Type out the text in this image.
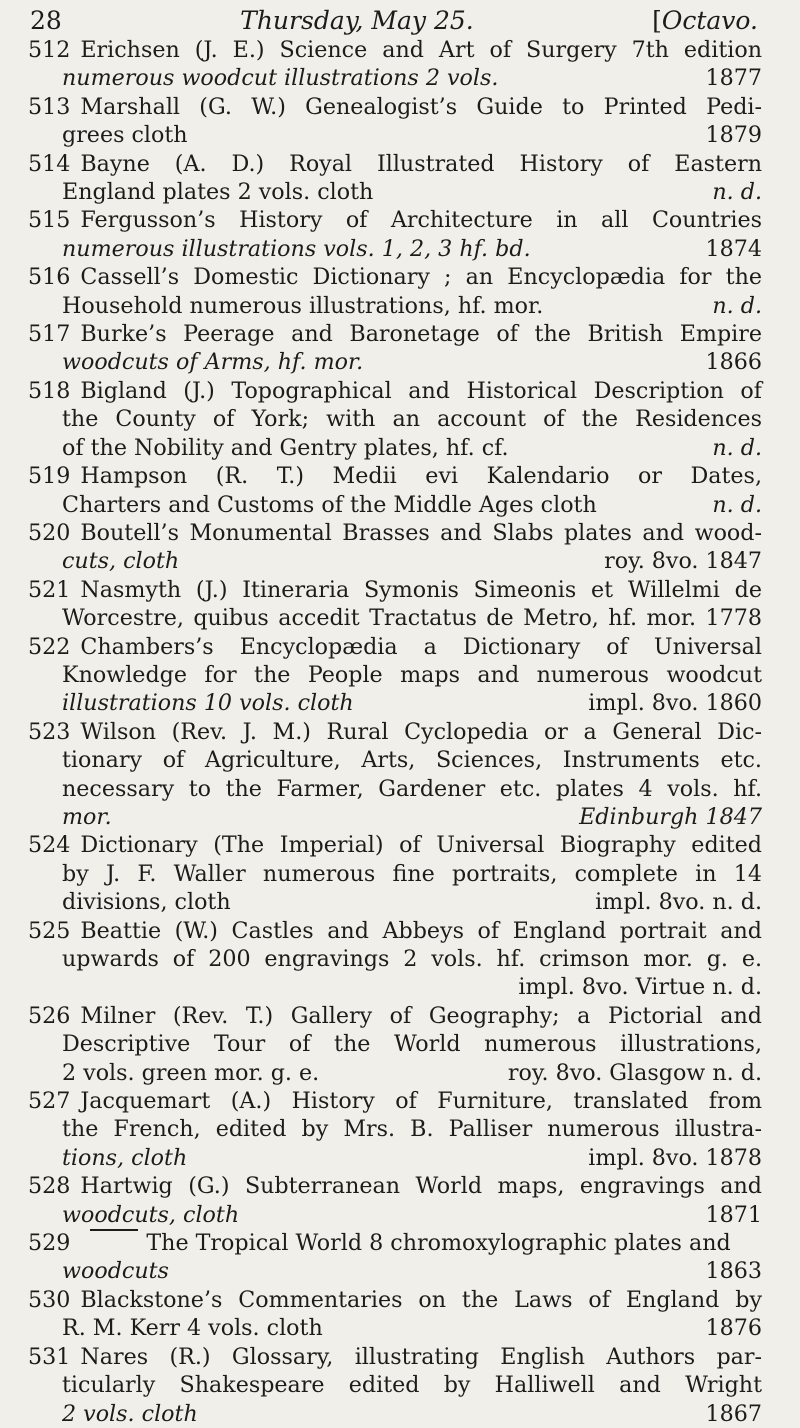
28	Thursday, May 25.	[Octavo.
512 Erichsen (J. E.) Science and Art of Surgery 7th edition
numerous woodcut illustrations 2 vols.	1877
513 Marshall (G. W.) Genealogist’s Guide to Printed Pedi-
grees cloth	1879
514 Bayne (A. D.) Royal Illustrated History of Eastern
England plates 2 vols. cloth	n. d.
515 Fergusson’s History of Architecture in all Countries
numerous illustrations vols. 1, 2, 3 hf. bd.	1874
516 Cassell’s Domestic Dictionary ; an Encyclopædia for the
Household numerous illustrations, hf. mor.	n. d.
517 Burke’s Peerage and Baronetage of the British Empire
woodcuts of Arms, hf. mor.	1866
518 Bigland (J.) Topographical and Historical Description of
the County of York; with an account of the Residences
of the Nobility and Gentry plates, hf. cf.	n. d.
519 Hampson (R. T.) Medii evi Kalendario or Dates,
Charters and Customs of the Middle Ages cloth	n. d.
520 Boutell’s Monumental Brasses and Slabs plates and wood-
cuts, cloth	roy. 8vo. 1847
521 Nasmyth (J.) Itineraria Symonis Simeonis et Willelmi de
Worcestre, quibus accedit Tractatus de Metro, hf. mor. 1778
522 Chambers’s Encyclopædia a Dictionary of Universal
Knowledge for the People maps and numerous woodcut
illustrations 10 vols. cloth	impl. 8vo. 1860
523 Wilson (Rev. J. M.) Rural Cyclopedia or a General Dic-
tionary of Agriculture, Arts, Sciences, Instruments etc.
necessary to the Farmer, Gardener etc. plates 4 vols. hf.
mor.	Edinburgh 1847
524 Dictionary (The Imperial) of Universal Biography edited
by J. F. Waller numerous fine portraits, complete in 14
divisions, cloth	impl. 8vo. n. d.
525 Beattie (W.) Castles and Abbeys of England portrait and
upwards of 200 engravings 2 vols. hf. crimson mor. g. e.
impl. 8vo. Virtue n. d.
526 Milner (Rev. T.) Gallery of Geography; a Pictorial and
Descriptive Tour of the World numerous illustrations,
2 vols. green mor. g. e.	roy. 8vo. Glasgow n. d.
527 Jacquemart (A.) History of Furniture, translated from
the French, edited by Mrs. B. Palliser numerous illustra-
tions, cloth	impl. 8vo. 1878
528 Hartwig (G.) Subterranean World maps, engravings and
woodcuts, cloth	1871
529	The Tropical World 8 chromoxylographic plates and
woodcuts	1863
530 Blackstone’s Commentaries on the Laws of England by
R. M. Kerr 4 vols. cloth	1876
531 Nares (R.) Glossary, illustrating English Authors par-
ticularly Shakespeare edited by Halliwell and Wright
2 vols. cloth	1867
